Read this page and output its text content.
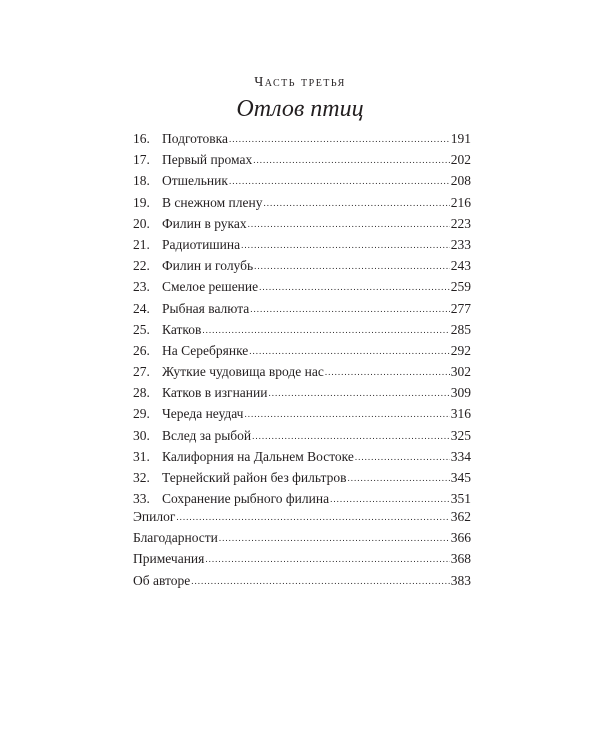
Часть третья
Отлов птиц
16. Подготовка .....	191
17. Первый промах .....	202
18. Отшельник .....	208
19. В снежном плену .....	216
20. Филин в руках .....	223
21. Радиотишина .....	233
22. Филин и голубь .....	243
23. Смелое решение .....	259
24. Рыбная валюта .....	277
25. Катков .....	285
26. На Серебрянке .....	292
27. Жуткие чудовища вроде нас .....	302
28. Катков в изгнании .....	309
29. Череда неудач .....	316
30. Вслед за рыбой .....	325
31. Калифорния на Дальнем Востоке .....	334
32. Тернейский район без фильтров .....	345
33. Сохранение рыбного филина .....	351
Эпилог .....	362
Благодарности .....	366
Примечания .....	368
Об авторе .....	383
